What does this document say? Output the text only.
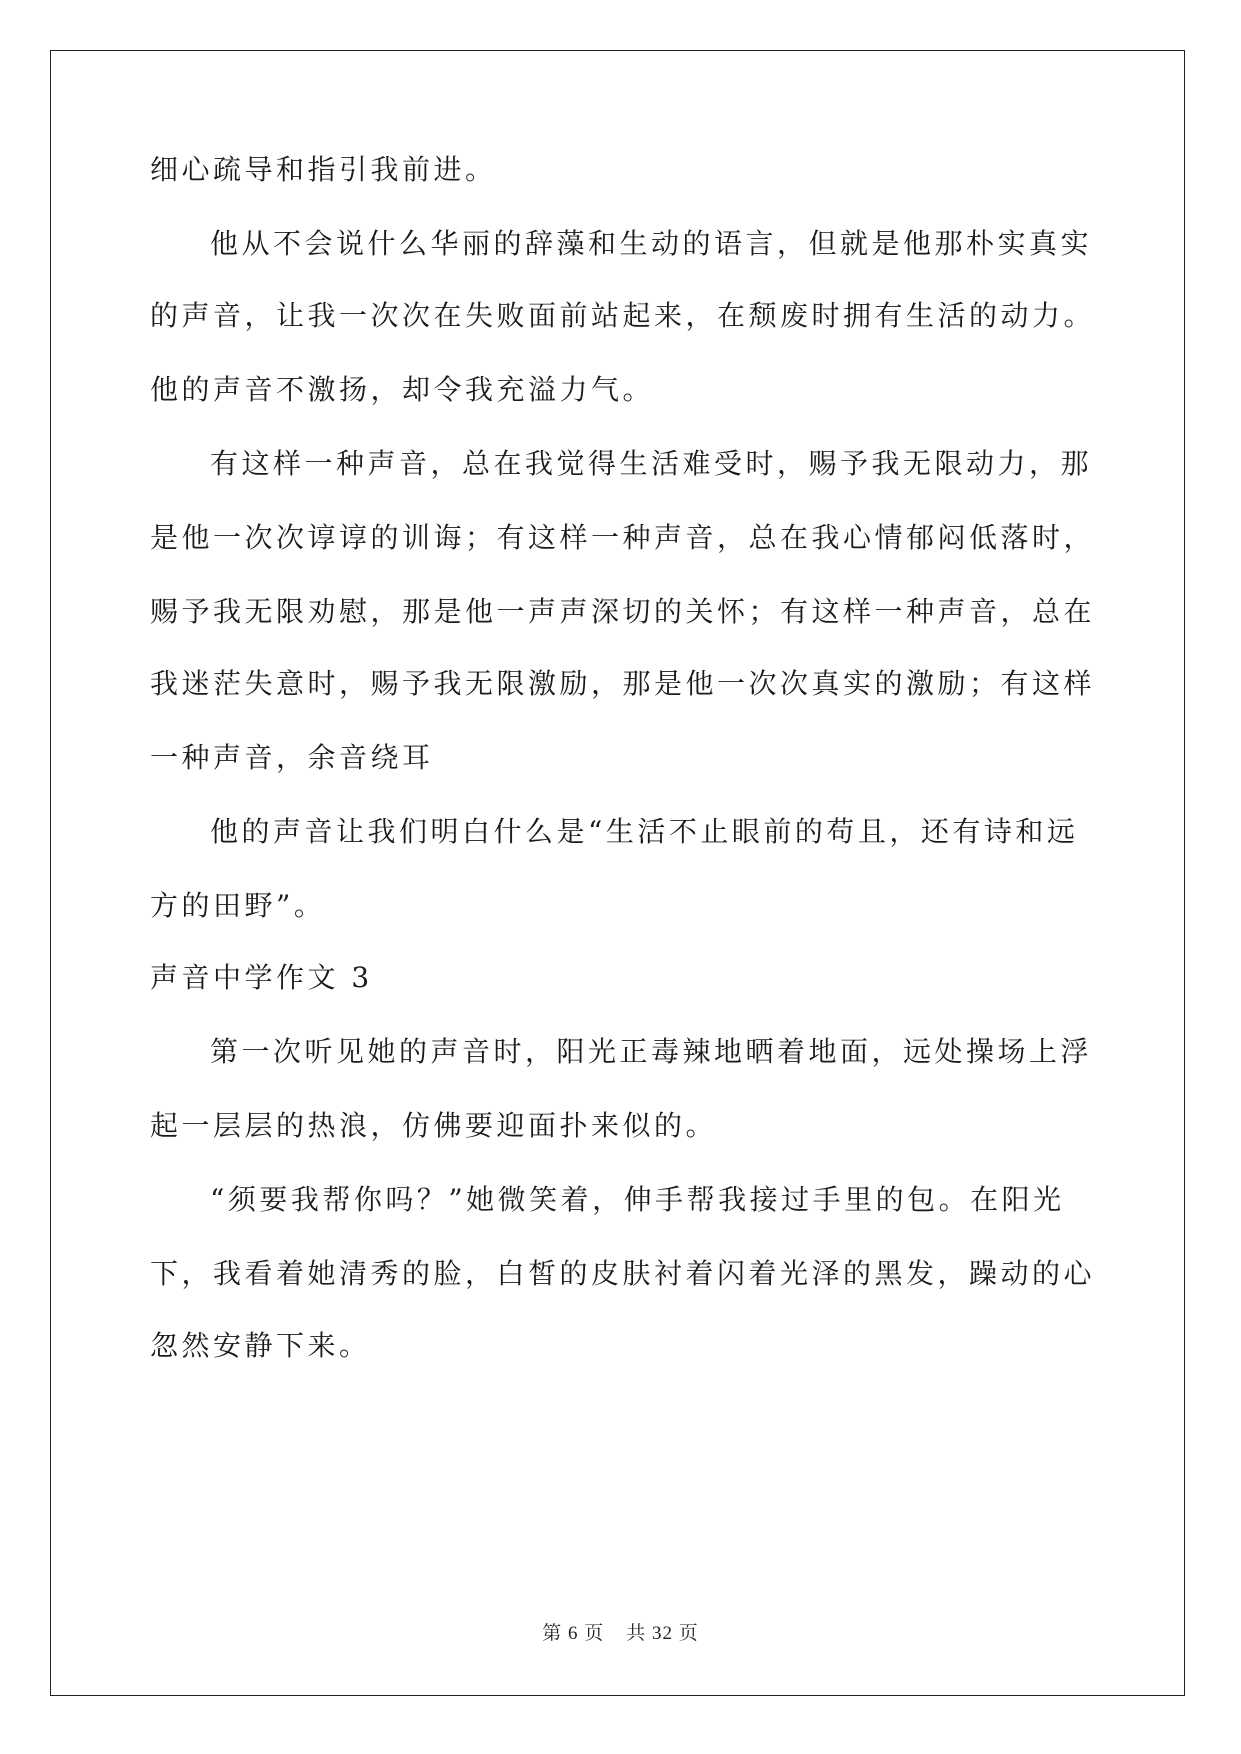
细心疏导和指引我前进。
他从不会说什么华丽的辞藻和生动的语言，但就是他那朴实真实
的声音，让我一次次在失败面前站起来，在颓废时拥有生活的动力。
他的声音不激扬，却令我充溢力气。
有这样一种声音，总在我觉得生活难受时，赐予我无限动力，那
是他一次次谆谆的训诲；有这样一种声音，总在我心情郁闷低落时，
赐予我无限劝慰，那是他一声声深切的关怀；有这样一种声音，总在
我迷茫失意时，赐予我无限激励，那是他一次次真实的激励；有这样
一种声音，余音绕耳
他的声音让我们明白什么是“生活不止眼前的苟且，还有诗和远
方的田野”。
声音中学作文 3
第一次听见她的声音时，阳光正毒辣地晒着地面，远处操场上浮
起一层层的热浪，仿佛要迎面扑来似的。
“须要我帮你吗？”她微笑着，伸手帮我接过手里的包。在阳光
下，我看着她清秀的脸，白皙的皮肤衬着闪着光泽的黑发，躁动的心
忽然安静下来。
第 6 页 共 32 页
